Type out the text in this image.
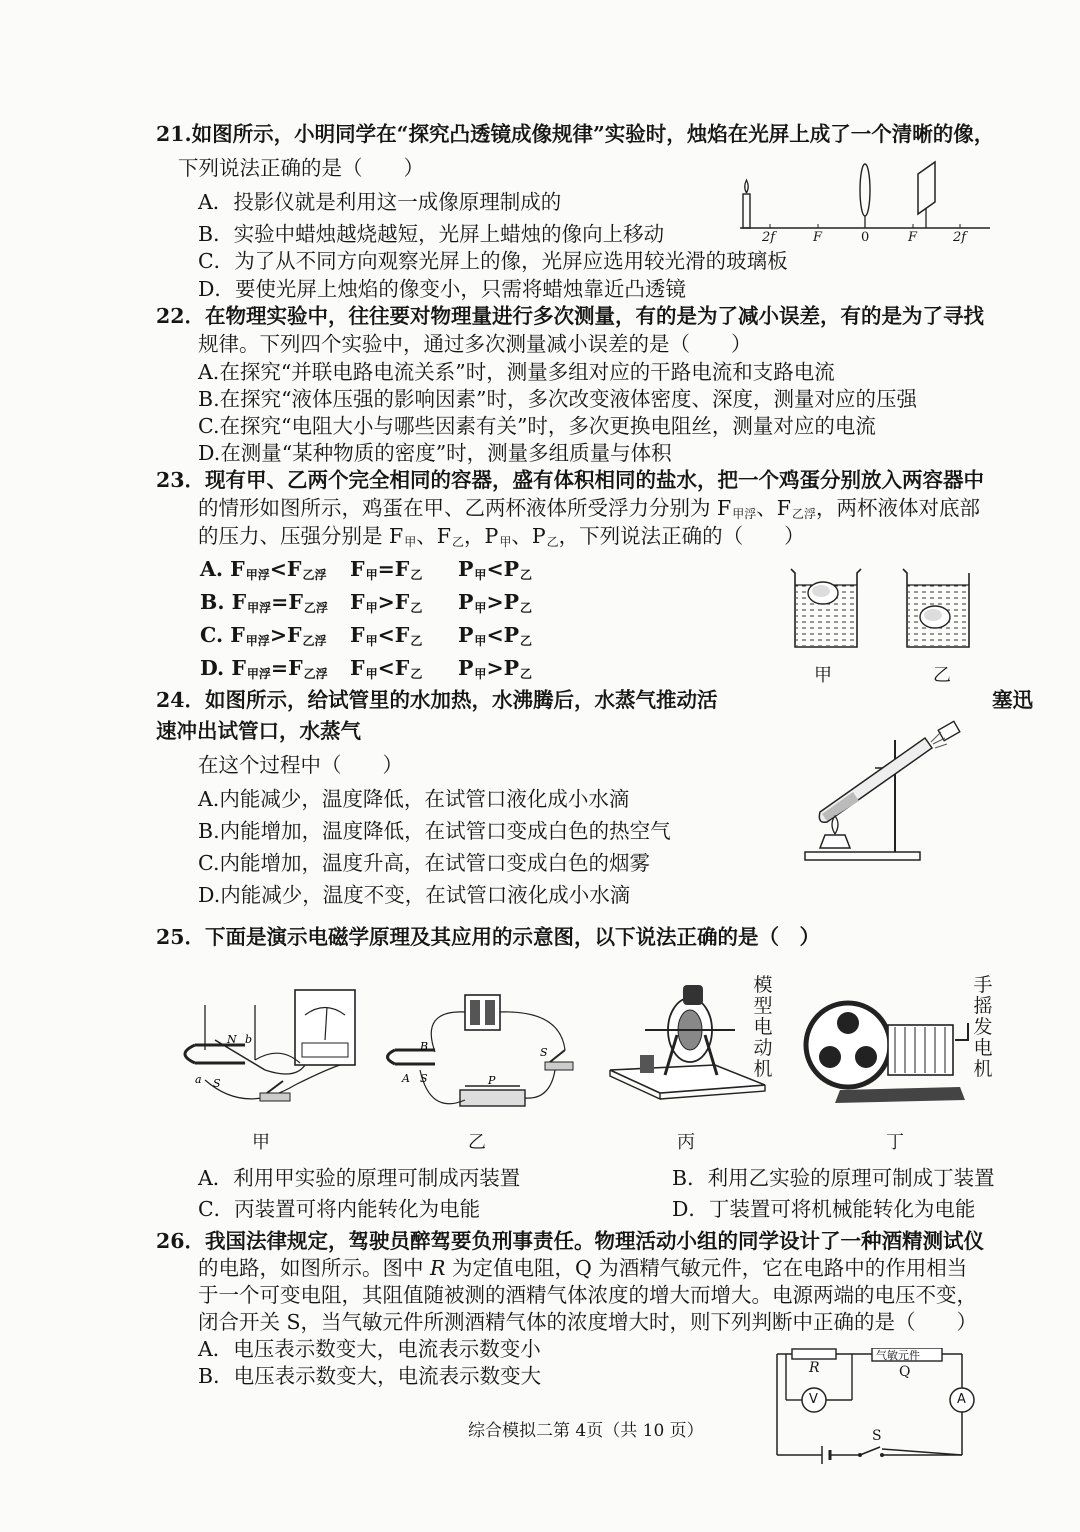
21.如图所示，小明同学在“探究凸透镜成像规律”实验时，烛焰在光屏上成了一个清晰的像，
下列说法正确的是（　　）
A．投影仪就是利用这一成像原理制成的
B．实验中蜡烛越烧越短，光屏上蜡烛的像向上移动
C．为了从不同方向观察光屏上的像，光屏应选用较光滑的玻璃板
D．要使光屏上烛焰的像变小，只需将蜡烛靠近凸透镜
2f	F	0	F	2f
22．在物理实验中，往往要对物理量进行多次测量，有的是为了减小误差，有的是为了寻找
规律。下列四个实验中，通过多次测量减小误差的是（　　）
A.在探究“并联电路电流关系”时，测量多组对应的干路电流和支路电流
B.在探究“液体压强的影响因素”时，多次改变液体密度、深度，测量对应的压强
C.在探究“电阻大小与哪些因素有关”时，多次更换电阻丝，测量对应的电流
D.在测量“某种物质的密度”时，测量多组质量与体积
23．现有甲、乙两个完全相同的容器，盛有体积相同的盐水，把一个鸡蛋分别放入两容器中
的情形如图所示，鸡蛋在甲、乙两杯液体所受浮力分别为 $F_{甲浮}$、$F_{乙浮}$，两杯液体对底部
的压力、压强分别是 $F_甲$、$F_乙$，$P_甲$、$P_乙$，下列说法正确的（　　）
A. $F_{甲浮}<F_{乙浮}$ $F_甲=F_乙$ $P_甲<P_乙$
B. $F_{甲浮}=F_{乙浮}$ $F_甲>F_乙$ $P_甲>P_乙$
C. $F_{甲浮}>F_{乙浮}$ $F_甲<F_乙$ $P_甲<P_乙$
D. $F_{甲浮}=F_{乙浮}$ $F_甲<F_乙$ $P_甲>P_乙$	甲	乙
24．如图所示，给试管里的水加热，水沸腾后，水蒸气推动活	塞迅
速冲出试管口，水蒸气
在这个过程中（　　）
A.内能减少，温度降低，在试管口液化成小水滴
B.内能增加，温度降低，在试管口变成白色的热空气
C.内能增加，温度升高，在试管口变成白色的烟雾
D.内能减少，温度不变，在试管口液化成小水滴
25．下面是演示电磁学原理及其应用的示意图，以下说法正确的是（　）
N b
a S
B
A S	P
S
模型电动机
手摇发电机
甲	乙	丙	丁
A．利用甲实验的原理可制成丙装置	B．利用乙实验的原理可制成丁装置
C．丙装置可将内能转化为电能	D．丁装置可将机械能转化为电能
26．我国法律规定，驾驶员醉驾要负刑事责任。物理活动小组的同学设计了一种酒精测试仪
的电路，如图所示。图中 R 为定值电阻，Q 为酒精气敏元件，它在电路中的作用相当
于一个可变电阻，其阻值随被测的酒精气体浓度的增大而增大。电源两端的电压不变，
闭合开关 S，当气敏元件所测酒精气体的浓度增大时，则下列判断中正确的是（　　）
A．电压表示数变大，电流表示数变小
B．电压表示数变大，电流表示数变大	R
气敏元件
Q
V	A
S
综合模拟二第 4页（共 10 页）
